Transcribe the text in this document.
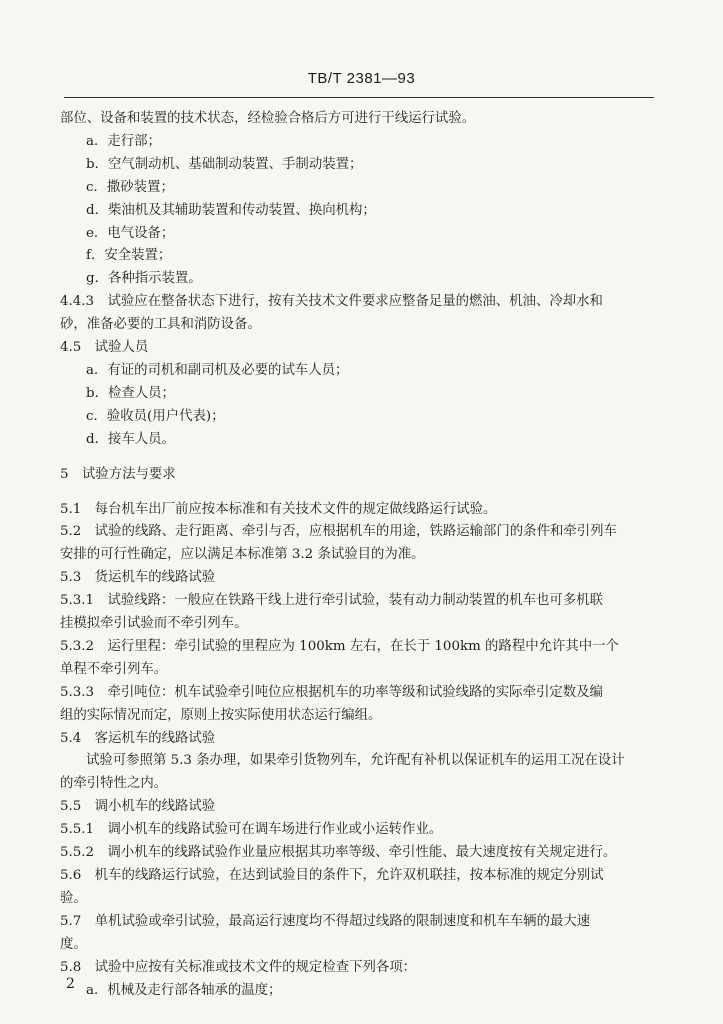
TB/T 2381—93
部位、设备和装置的技术状态，经检验合格后方可进行干线运行试验。
a．走行部；
b．空气制动机、基础制动装置、手制动装置；
c．撒砂装置；
d．柴油机及其辅助装置和传动装置、换向机构；
e．电气设备；
f．安全装置；
g．各种指示装置。
4.4.3　试验应在整备状态下进行，按有关技术文件要求应整备足量的燃油、机油、冷却水和
砂，准备必要的工具和消防设备。
4.5　试验人员
a．有证的司机和副司机及必要的试车人员；
b．检查人员；
c．验收员(用户代表)；
d．接车人员。
5　试验方法与要求
5.1　每台机车出厂前应按本标准和有关技术文件的规定做线路运行试验。
5.2　试验的线路、走行距离、牵引与否，应根据机车的用途，铁路运输部门的条件和牵引列车
安排的可行性确定，应以满足本标准第 3.2 条试验目的为准。
5.3　货运机车的线路试验
5.3.1　试验线路：一般应在铁路干线上进行牵引试验，装有动力制动装置的机车也可多机联
挂模拟牵引试验而不牵引列车。
5.3.2　运行里程：牵引试验的里程应为 100km 左右，在长于 100km 的路程中允许其中一个
单程不牵引列车。
5.3.3　牵引吨位：机车试验牵引吨位应根据机车的功率等级和试验线路的实际牵引定数及编
组的实际情况而定，原则上按实际使用状态运行编组。
5.4　客运机车的线路试验
试验可参照第 5.3 条办理，如果牵引货物列车，允许配有补机以保证机车的运用工况在设计
的牵引特性之内。
5.5　调小机车的线路试验
5.5.1　调小机车的线路试验可在调车场进行作业或小运转作业。
5.5.2　调小机车的线路试验作业量应根据其功率等级、牵引性能、最大速度按有关规定进行。
5.6　机车的线路运行试验，在达到试验目的条件下，允许双机联挂，按本标准的规定分别试
验。
5.7　单机试验或牵引试验，最高运行速度均不得超过线路的限制速度和机车车辆的最大速
度。
5.8　试验中应按有关标准或技术文件的规定检查下列各项：
a．机械及走行部各轴承的温度；
2
